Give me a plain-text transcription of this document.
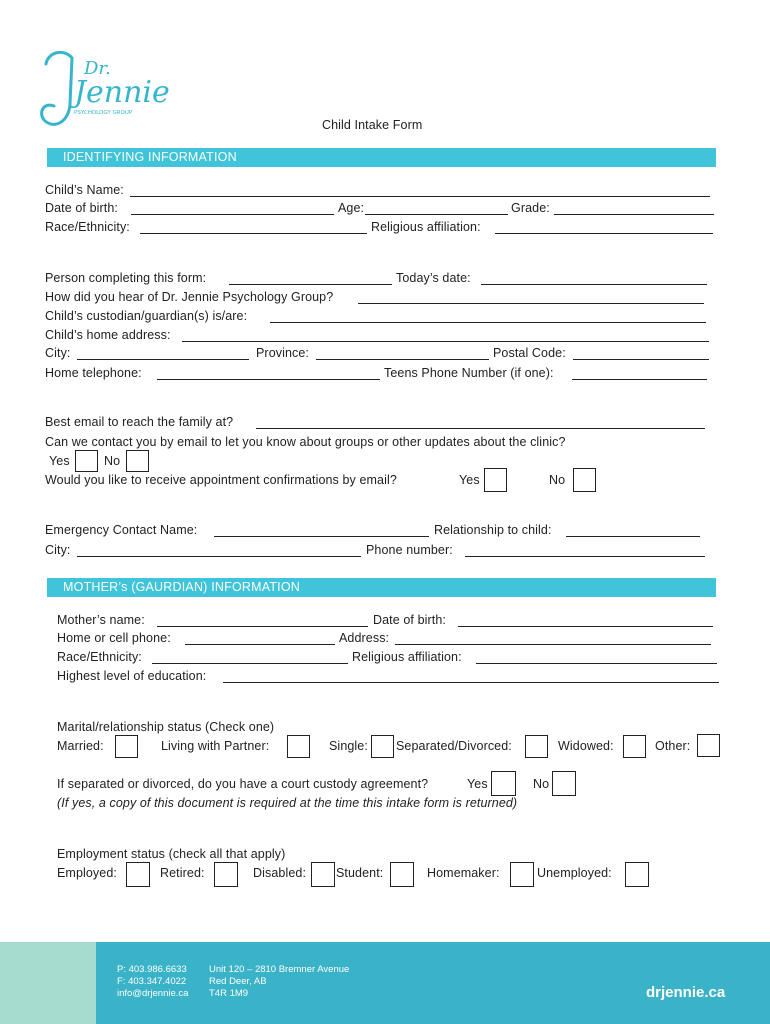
Dr.
Jennie
PSYCHOLOGY GROUP
Child Intake Form
IDENTIFYING INFORMATION
Child’s Name:
Date of birth:	Age:	Grade:
Race/Ethnicity:	Religious affiliation:
Person completing this form:	Today’s date:
How did you hear of Dr. Jennie Psychology Group?
Child’s custodian/guardian(s) is/are:
Child’s home address:
City:	Province:	Postal Code:
Home telephone:	Teens Phone Number (if one):
Best email to reach the family at?
Can we contact you by email to let you know about groups or other updates about the clinic?
Yes	No
Would you like to receive appointment confirmations by email?	Yes	No
Emergency Contact Name:	Relationship to child:
City:	Phone number:
MOTHER’s (GAURDIAN) INFORMATION
Mother’s name:	Date of birth:
Home or cell phone:	Address:
Race/Ethnicity:	Religious affiliation:
Highest level of education:
Marital/relationship status (Check one)
Married:	Living with Partner:	Single: Separated/Divorced:	Widowed:	Other:
If separated or divorced, do you have a court custody agreement?	Yes	No
(If yes, a copy of this document is required at the time this intake form is returned)
Employment status (check all that apply)
Employed:	Retired:	Disabled: Student:	Homemaker:	Unemployed:
P: 403.986.6633
F: 403.347.4022
info@drjennie.ca
Unit 120 – 2810 Bremner Avenue
Red Deer, AB
T4R 1M9	drjennie.ca
